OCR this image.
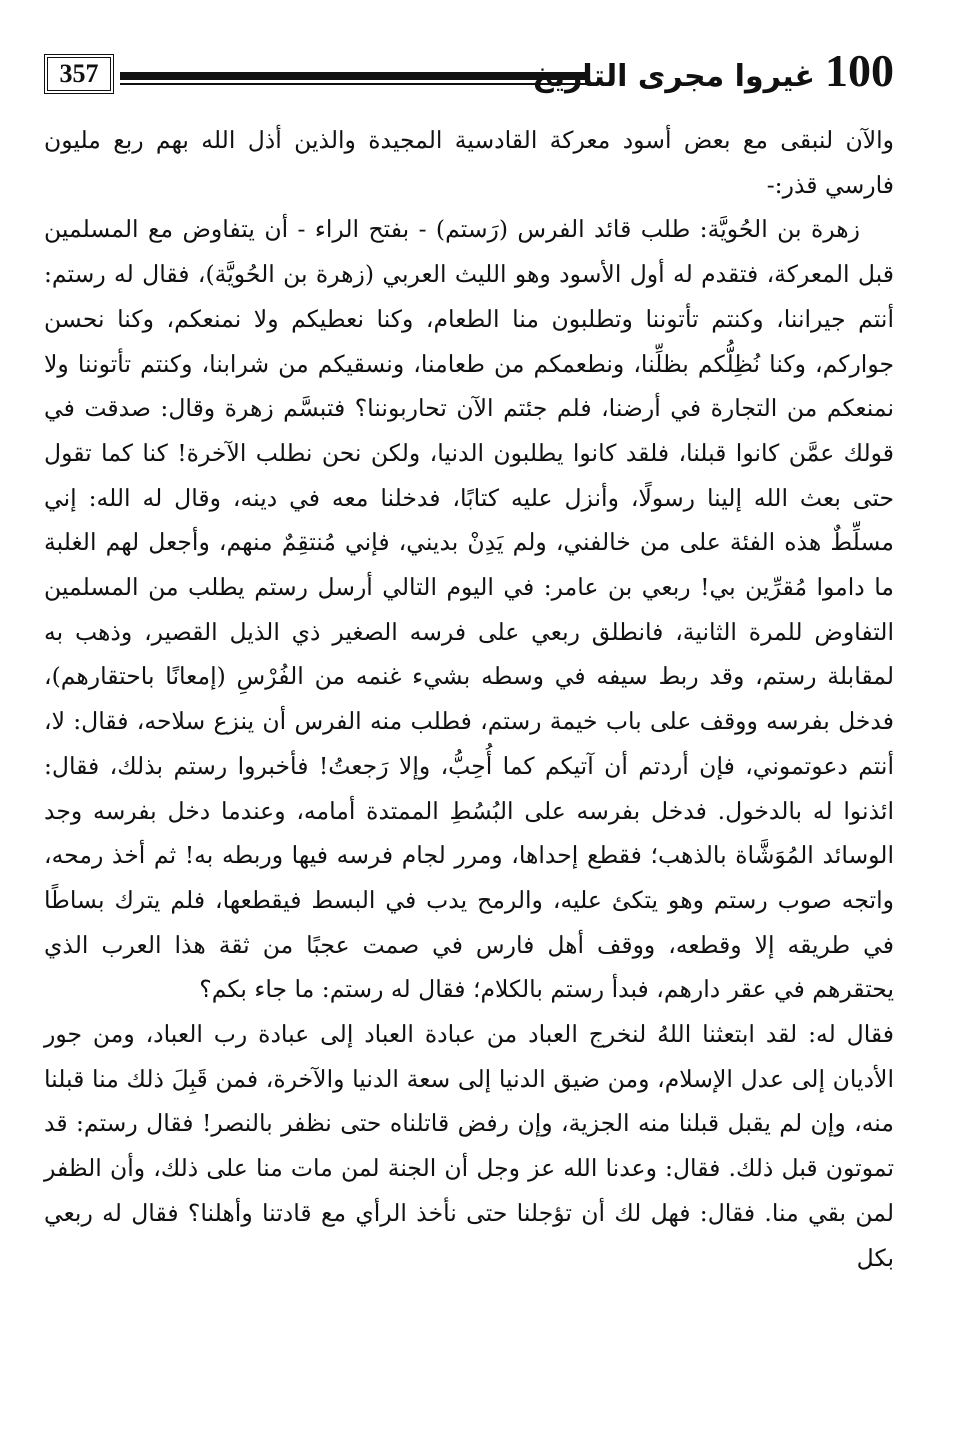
357	100
غيروا مجرى التاريخ

والآن لنبقى مع بعض أسود معركة القادسية المجيدة والذين أذل الله بهم ربع مليون فارسي قذر:-

زهرة بن الحُويَّة: طلب قائد الفرس (رَستم) - بفتح الراء - أن يتفاوض مع المسلمين قبل المعركة، فتقدم له أول الأسود وهو الليث العربي (زهرة بن الحُويَّة)، فقال له رستم: أنتم جيراننا، وكنتم تأتوننا وتطلبون منا الطعام، وكنا نعطيكم ولا نمنعكم، وكنا نحسن جواركم، وكنا نُظِلُّكم بظلِّنا، ونطعمكم من طعامنا، ونسقيكم من شرابنا، وكنتم تأتوننا ولا نمنعكم من التجارة في أرضنا، فلم جئتم الآن تحاربوننا؟ فتبسَّم زهرة وقال: صدقت في قولك عمَّن كانوا قبلنا، فلقد كانوا يطلبون الدنيا، ولكن نحن نطلب الآخرة! كنا كما تقول حتى بعث الله إلينا رسولًا، وأنزل عليه كتابًا، فدخلنا معه في دينه، وقال له الله: إني مسلِّطٌ هذه الفئة على من خالفني، ولم يَدِنْ بديني، فإني مُنتقِمٌ منهم، وأجعل لهم الغلبة ما داموا مُقرِّين بي! ربعي بن عامر: في اليوم التالي أرسل رستم يطلب من المسلمين التفاوض للمرة الثانية، فانطلق ربعي على فرسه الصغير ذي الذيل القصير، وذهب به لمقابلة رستم، وقد ربط سيفه في وسطه بشيء غنمه من الفُرْسِ (إمعانًا باحتقارهم)، فدخل بفرسه ووقف على باب خيمة رستم، فطلب منه الفرس أن ينزع سلاحه، فقال: لا، أنتم دعوتموني، فإن أردتم أن آتيكم كما أُحِبُّ، وإلا رَجعتُ! فأخبروا رستم بذلك، فقال: ائذنوا له بالدخول. فدخل بفرسه على البُسُطِ الممتدة أمامه، وعندما دخل بفرسه وجد الوسائد المُوَشَّاة بالذهب؛ فقطع إحداها، ومرر لجام فرسه فيها وربطه به! ثم أخذ رمحه، واتجه صوب رستم وهو يتكئ عليه، والرمح يدب في البسط فيقطعها، فلم يترك بساطًا في طريقه إلا وقطعه، ووقف أهل فارس في صمت عجبًا من ثقة هذا العرب الذي يحتقرهم في عقر دارهم، فبدأ رستم بالكلام؛ فقال له رستم: ما جاء بكم؟

فقال له: لقد ابتعثنا اللهُ لنخرج العباد من عبادة العباد إلى عبادة رب العباد، ومن جور الأديان إلى عدل الإسلام، ومن ضيق الدنيا إلى سعة الدنيا والآخرة، فمن قَبِلَ ذلك منا قبلنا منه، وإن لم يقبل قبلنا منه الجزية، وإن رفض قاتلناه حتى نظفر بالنصر! فقال رستم: قد تموتون قبل ذلك. فقال: وعدنا الله عز وجل أن الجنة لمن مات منا على ذلك، وأن الظفر لمن بقي منا. فقال: فهل لك أن تؤجلنا حتى نأخذ الرأي مع قادتنا وأهلنا؟ فقال له ربعي بكل
